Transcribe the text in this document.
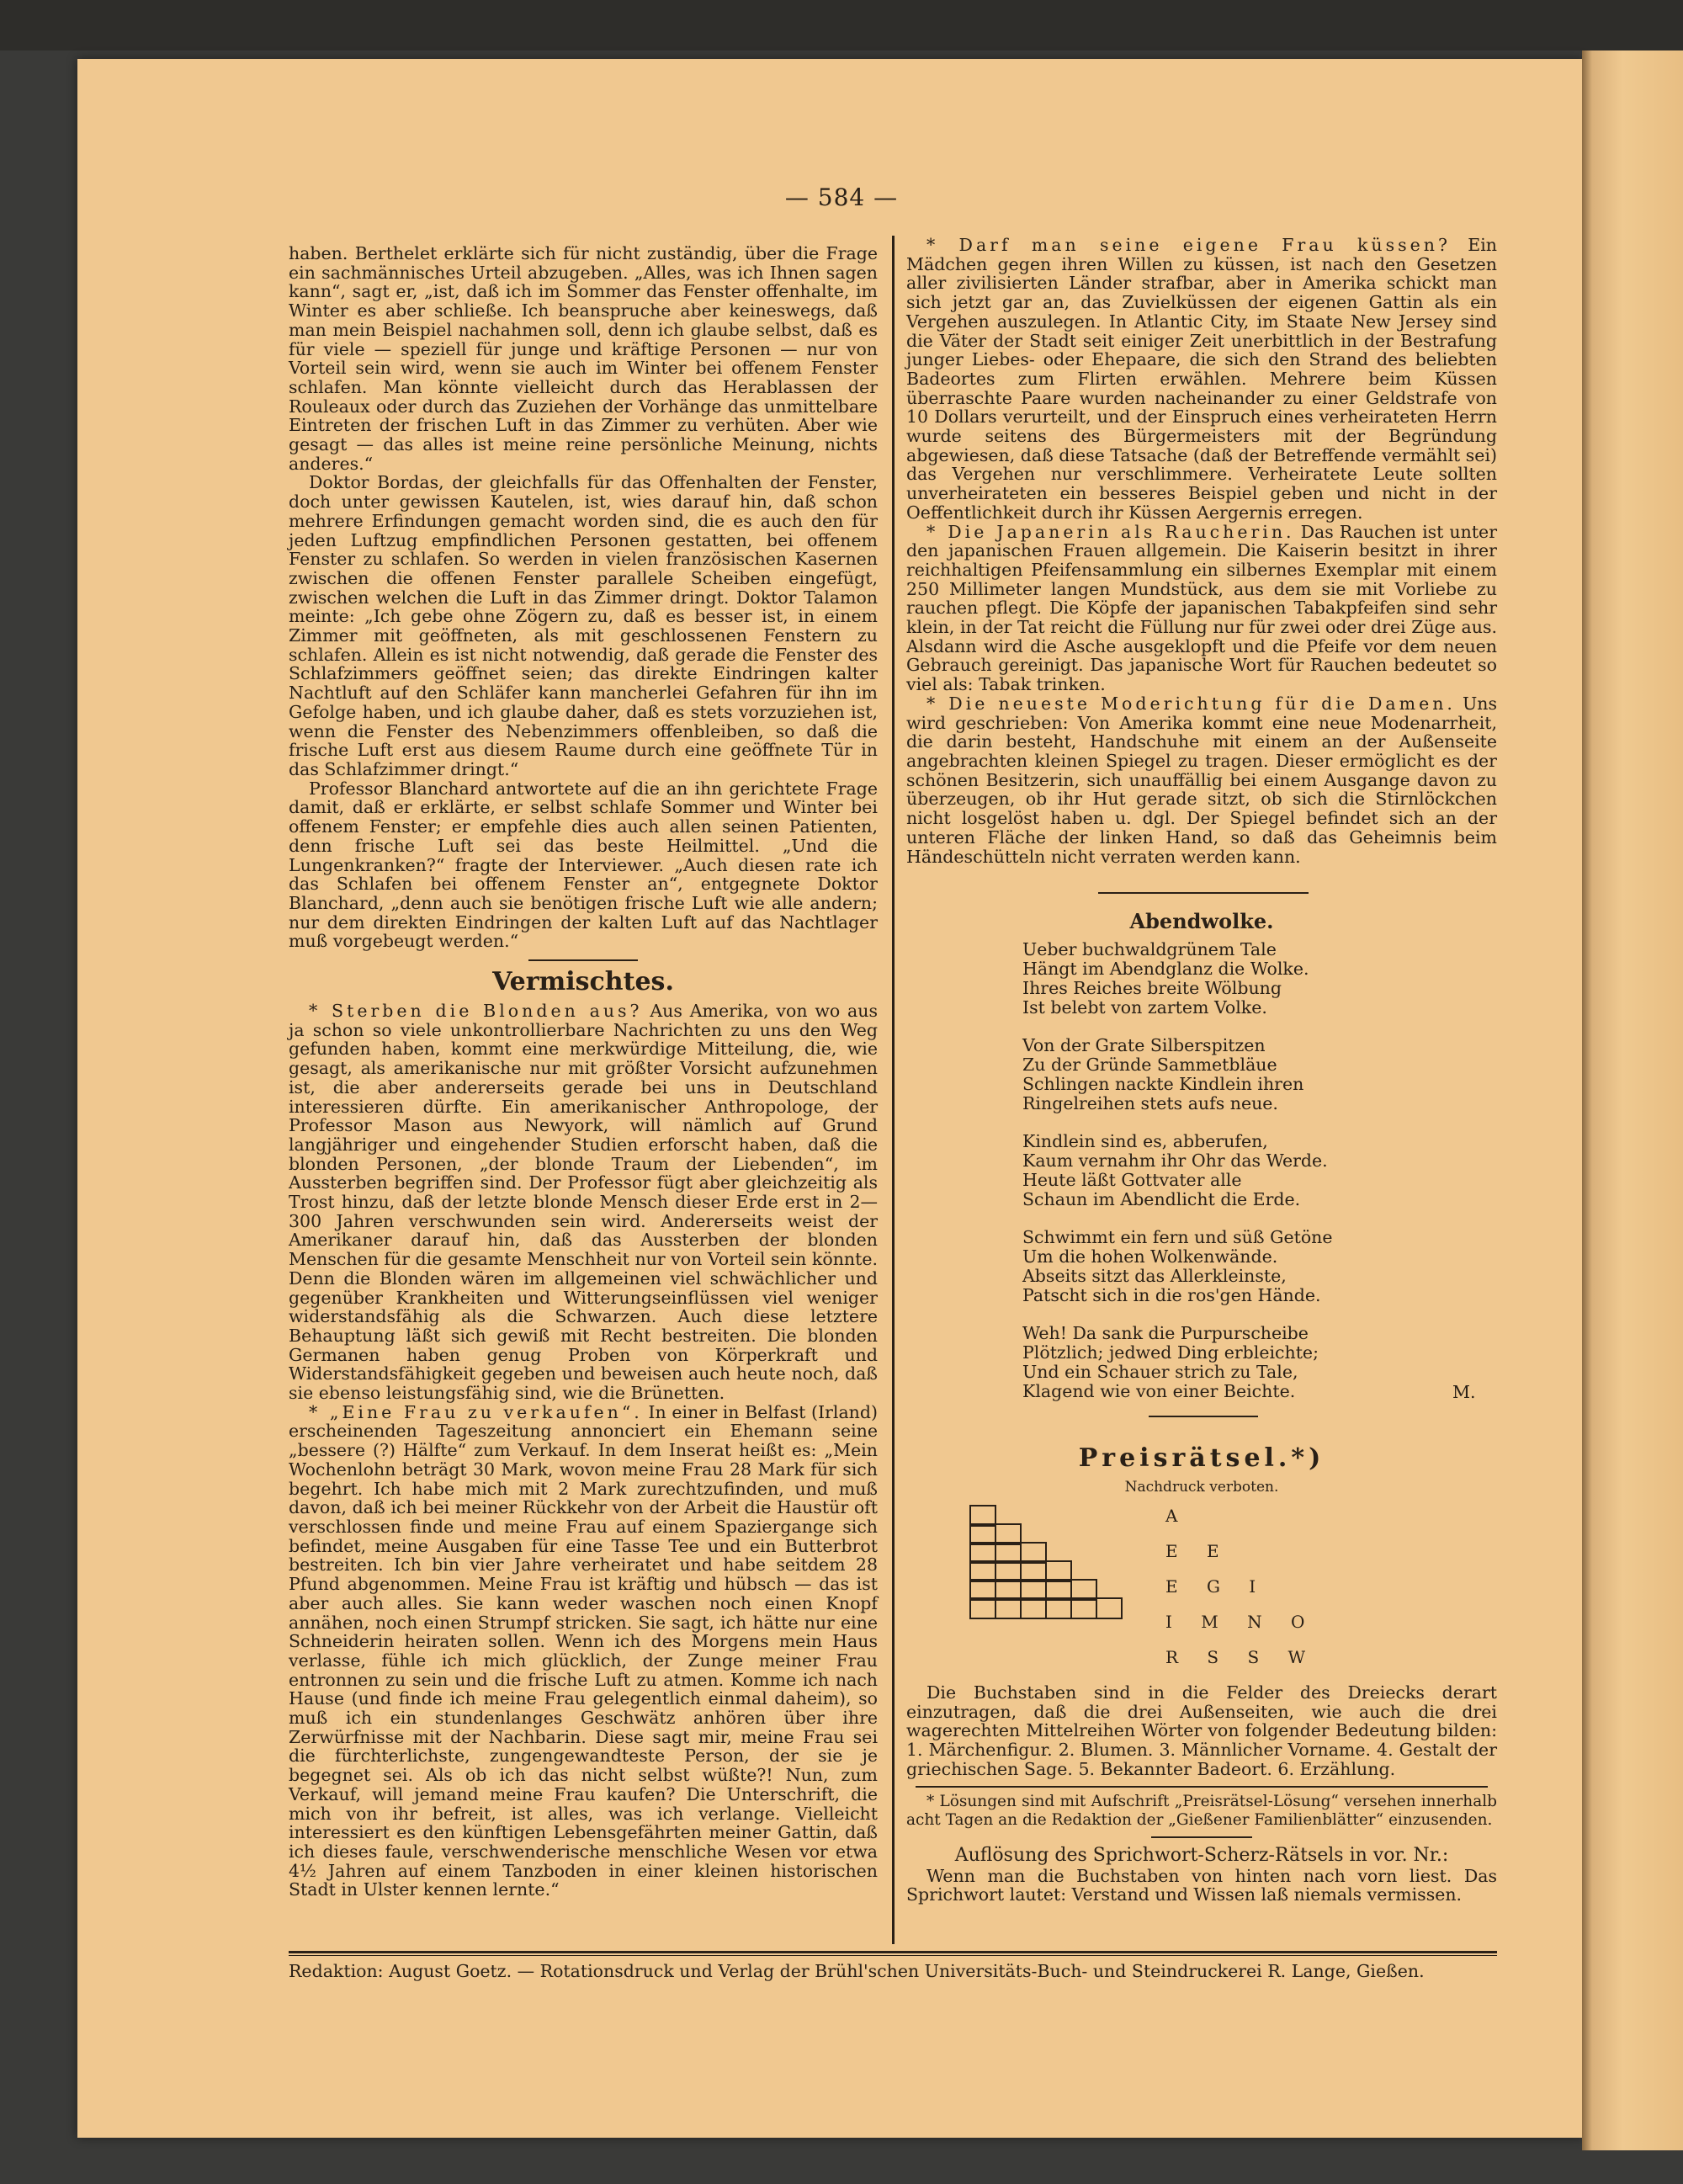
— 584 —

haben. Berthelet erklärte sich für nicht zuständig, über die Frage ein sachmännisches Urteil abzugeben. „Alles, was ich Ihnen sagen kann“, sagt er, „ist, daß ich im Sommer das Fenster offenhalte, im Winter es aber schließe. Ich beanspruche aber keineswegs, daß man mein Beispiel nachahmen soll, denn ich glaube selbst, daß es für viele — speziell für junge und kräftige Personen — nur von Vorteil sein wird, wenn sie auch im Winter bei offenem Fenster schlafen. Man könnte vielleicht durch das Herablassen der Rouleaux oder durch das Zuziehen der Vorhänge das unmittelbare Eintreten der frischen Luft in das Zimmer zu verhüten. Aber wie gesagt — das alles ist meine reine persönliche Meinung, nichts anderes.“

Doktor Bordas, der gleichfalls für das Offenhalten der Fenster, doch unter gewissen Kautelen, ist, wies darauf hin, daß schon mehrere Erfindungen gemacht worden sind, die es auch den für jeden Luftzug empfindlichen Personen gestatten, bei offenem Fenster zu schlafen. So werden in vielen französischen Kasernen zwischen die offenen Fenster parallele Scheiben eingefügt, zwischen welchen die Luft in das Zimmer dringt. Doktor Talamon meinte: „Ich gebe ohne Zögern zu, daß es besser ist, in einem Zimmer mit geöffneten, als mit geschlossenen Fenstern zu schlafen. Allein es ist nicht notwendig, daß gerade die Fenster des Schlafzimmers geöffnet seien; das direkte Eindringen kalter Nachtluft auf den Schläfer kann mancherlei Gefahren für ihn im Gefolge haben, und ich glaube daher, daß es stets vorzuziehen ist, wenn die Fenster des Nebenzimmers offenbleiben, so daß die frische Luft erst aus diesem Raume durch eine geöffnete Tür in das Schlafzimmer dringt.“

Professor Blanchard antwortete auf die an ihn gerichtete Frage damit, daß er erklärte, er selbst schlafe Sommer und Winter bei offenem Fenster; er empfehle dies auch allen seinen Patienten, denn frische Luft sei das beste Heilmittel. „Und die Lungenkranken?“ fragte der Interviewer. „Auch diesen rate ich das Schlafen bei offenem Fenster an“, entgegnete Doktor Blanchard, „denn auch sie benötigen frische Luft wie alle andern; nur dem direkten Eindringen der kalten Luft auf das Nachtlager muß vorgebeugt werden.“

Vermischtes.

* Sterben die Blonden aus? Aus Amerika, von wo aus ja schon so viele unkontrollierbare Nachrichten zu uns den Weg gefunden haben, kommt eine merkwürdige Mitteilung, die, wie gesagt, als amerikanische nur mit größter Vorsicht aufzunehmen ist, die aber andererseits gerade bei uns in Deutschland interessieren dürfte. Ein amerikanischer Anthropologe, der Professor Mason aus Newyork, will nämlich auf Grund langjähriger und eingehender Studien erforscht haben, daß die blonden Personen, „der blonde Traum der Liebenden“, im Aussterben begriffen sind. Der Professor fügt aber gleichzeitig als Trost hinzu, daß der letzte blonde Mensch dieser Erde erst in 2—300 Jahren verschwunden sein wird. Andererseits weist der Amerikaner darauf hin, daß das Aussterben der blonden Menschen für die gesamte Menschheit nur von Vorteil sein könnte. Denn die Blonden wären im allgemeinen viel schwächlicher und gegenüber Krankheiten und Witterungseinflüssen viel weniger widerstandsfähig als die Schwarzen. Auch diese letztere Behauptung läßt sich gewiß mit Recht bestreiten. Die blonden Germanen haben genug Proben von Körperkraft und Widerstandsfähigkeit gegeben und beweisen auch heute noch, daß sie ebenso leistungsfähig sind, wie die Brünetten.

* „Eine Frau zu verkaufen“. In einer in Belfast (Irland) erscheinenden Tageszeitung annonciert ein Ehemann seine „bessere (?) Hälfte“ zum Verkauf. In dem Inserat heißt es: „Mein Wochenlohn beträgt 30 Mark, wovon meine Frau 28 Mark für sich begehrt. Ich habe mich mit 2 Mark zurechtzufinden, und muß davon, daß ich bei meiner Rückkehr von der Arbeit die Haustür oft verschlossen finde und meine Frau auf einem Spaziergange sich befindet, meine Ausgaben für eine Tasse Tee und ein Butterbrot bestreiten. Ich bin vier Jahre verheiratet und habe seitdem 28 Pfund abgenommen. Meine Frau ist kräftig und hübsch — das ist aber auch alles. Sie kann weder waschen noch einen Knopf annähen, noch einen Strumpf stricken. Sie sagt, ich hätte nur eine Schneiderin heiraten sollen. Wenn ich des Morgens mein Haus verlasse, fühle ich mich glücklich, der Zunge meiner Frau entronnen zu sein und die frische Luft zu atmen. Komme ich nach Hause (und finde ich meine Frau gelegentlich einmal daheim), so muß ich ein stundenlanges Geschwätz anhören über ihre Zerwürfnisse mit der Nachbarin. Diese sagt mir, meine Frau sei die fürchterlichste, zungengewandteste Person, der sie je begegnet sei. Als ob ich das nicht selbst wüßte?! Nun, zum Verkauf, will jemand meine Frau kaufen? Die Unterschrift, die mich von ihr befreit, ist alles, was ich verlange. Vielleicht interessiert es den künftigen Lebensgefährten meiner Gattin, daß ich dieses faule, verschwenderische menschliche Wesen vor etwa 4½ Jahren auf einem Tanzboden in einer kleinen historischen Stadt in Ulster kennen lernte.“

* Darf man seine eigene Frau küssen? Ein Mädchen gegen ihren Willen zu küssen, ist nach den Gesetzen aller zivilisierten Länder strafbar, aber in Amerika schickt man sich jetzt gar an, das Zuvielküssen der eigenen Gattin als ein Vergehen auszulegen. In Atlantic City, im Staate New Jersey sind die Väter der Stadt seit einiger Zeit unerbittlich in der Bestrafung junger Liebes- oder Ehepaare, die sich den Strand des beliebten Badeortes zum Flirten erwählen. Mehrere beim Küssen überraschte Paare wurden nacheinander zu einer Geldstrafe von 10 Dollars verurteilt, und der Einspruch eines verheirateten Herrn wurde seitens des Bürgermeisters mit der Begründung abgewiesen, daß diese Tatsache (daß der Betreffende vermählt sei) das Vergehen nur verschlimmere. Verheiratete Leute sollten unverheirateten ein besseres Beispiel geben und nicht in der Oeffentlichkeit durch ihr Küssen Aergernis erregen.

* Die Japanerin als Raucherin. Das Rauchen ist unter den japanischen Frauen allgemein. Die Kaiserin besitzt in ihrer reichhaltigen Pfeifensammlung ein silbernes Exemplar mit einem 250 Millimeter langen Mundstück, aus dem sie mit Vorliebe zu rauchen pflegt. Die Köpfe der japanischen Tabakpfeifen sind sehr klein, in der Tat reicht die Füllung nur für zwei oder drei Züge aus. Alsdann wird die Asche ausgeklopft und die Pfeife vor dem neuen Gebrauch gereinigt. Das japanische Wort für Rauchen bedeutet so viel als: Tabak trinken.

* Die neueste Moderichtung für die Damen. Uns wird geschrieben: Von Amerika kommt eine neue Modenarrheit, die darin besteht, Handschuhe mit einem an der Außenseite angebrachten kleinen Spiegel zu tragen. Dieser ermöglicht es der schönen Besitzerin, sich unauffällig bei einem Ausgange davon zu überzeugen, ob ihr Hut gerade sitzt, ob sich die Stirnlöckchen nicht losgelöst haben u. dgl. Der Spiegel befindet sich an der unteren Fläche der linken Hand, so daß das Geheimnis beim Händeschütteln nicht verraten werden kann.

Abendwolke.
Ueber buchwaldgrünem Tale
Hängt im Abendglanz die Wolke.
Ihres Reiches breite Wölbung
Ist belebt von zartem Volke.
Von der Grate Silberspitzen
Zu der Gründe Sammetbläue
Schlingen nackte Kindlein ihren
Ringelreihen stets aufs neue.
Kindlein sind es, abberufen,
Kaum vernahm ihr Ohr das Werde.
Heute läßt Gottvater alle
Schaun im Abendlicht die Erde.
Schwimmt ein fern und süß Getöne
Um die hohen Wolkenwände.
Abseits sitzt das Allerkleinste,
Patscht sich in die ros'gen Hände.
Weh! Da sank die Purpurscheibe
Plötzlich; jedwed Ding erbleichte;
Und ein Schauer strich zu Tale,
Klagend wie von einer Beichte.	M.
Preisrätsel.*)
Nachdruck verboten.
A
E E
E G I
I M N O
R S S W

Die Buchstaben sind in die Felder des Dreiecks derart einzutragen, daß die drei Außenseiten, wie auch die drei wagerechten Mittelreihen Wörter von folgender Bedeutung bilden: 1. Märchenfigur. 2. Blumen. 3. Männlicher Vorname. 4. Gestalt der griechischen Sage. 5. Bekannter Badeort. 6. Erzählung.

* Lösungen sind mit Aufschrift „Preisrätsel-Lösung“ versehen innerhalb acht Tagen an die Redaktion der „Gießener Familienblätter“ einzusenden.

Auflösung des Sprichwort-Scherz-Rätsels in vor. Nr.:

Wenn man die Buchstaben von hinten nach vorn liest. Das Sprichwort lautet: Verstand und Wissen laß niemals vermissen.

Redaktion: August Goetz. — Rotationsdruck und Verlag der Brühl'schen Universitäts-Buch- und Steindruckerei R. Lange, Gießen.
